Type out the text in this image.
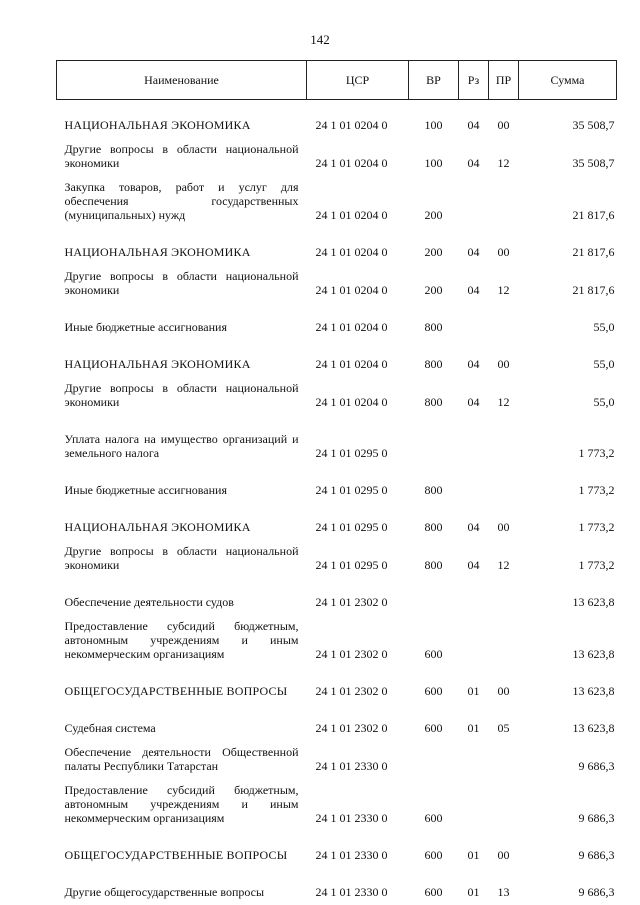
142
Наименование	ЦСР	ВР	Рз	ПР	Сумма

НАЦИОНАЛЬНАЯ ЭКОНОМИКА	24 1 01 0204 0	100	04	00	35 508,7
Другие вопросы в области национальной экономики	24 1 01 0204 0	100	04	12	35 508,7
Закупка товаров, работ и услуг для обеспечения государственных (муниципальных) нужд	24 1 01 0204 0	200			21 817,6

НАЦИОНАЛЬНАЯ ЭКОНОМИКА	24 1 01 0204 0	200	04	00	21 817,6
Другие вопросы в области национальной экономики	24 1 01 0204 0	200	04	12	21 817,6

Иные бюджетные ассигнования	24 1 01 0204 0	800			55,0

НАЦИОНАЛЬНАЯ ЭКОНОМИКА	24 1 01 0204 0	800	04	00	55,0
Другие вопросы в области национальной экономики	24 1 01 0204 0	800	04	12	55,0

Уплата налога на имущество организаций и земельного налога	24 1 01 0295 0				1 773,2

Иные бюджетные ассигнования	24 1 01 0295 0	800			1 773,2

НАЦИОНАЛЬНАЯ ЭКОНОМИКА	24 1 01 0295 0	800	04	00	1 773,2
Другие вопросы в области национальной экономики	24 1 01 0295 0	800	04	12	1 773,2

Обеспечение деятельности судов	24 1 01 2302 0				13 623,8
Предоставление субсидий бюджетным, автономным учреждениям и иным некоммерческим организациям	24 1 01 2302 0	600			13 623,8

ОБЩЕГОСУДАРСТВЕННЫЕ ВОПРОСЫ	24 1 01 2302 0	600	01	00	13 623,8

Судебная система	24 1 01 2302 0	600	01	05	13 623,8
Обеспечение деятельности Общественной палаты Республики Татарстан	24 1 01 2330 0				9 686,3
Предоставление субсидий бюджетным, автономным учреждениям и иным некоммерческим организациям	24 1 01 2330 0	600			9 686,3

ОБЩЕГОСУДАРСТВЕННЫЕ ВОПРОСЫ	24 1 01 2330 0	600	01	00	9 686,3

Другие общегосударственные вопросы	24 1 01 2330 0	600	01	13	9 686,3
